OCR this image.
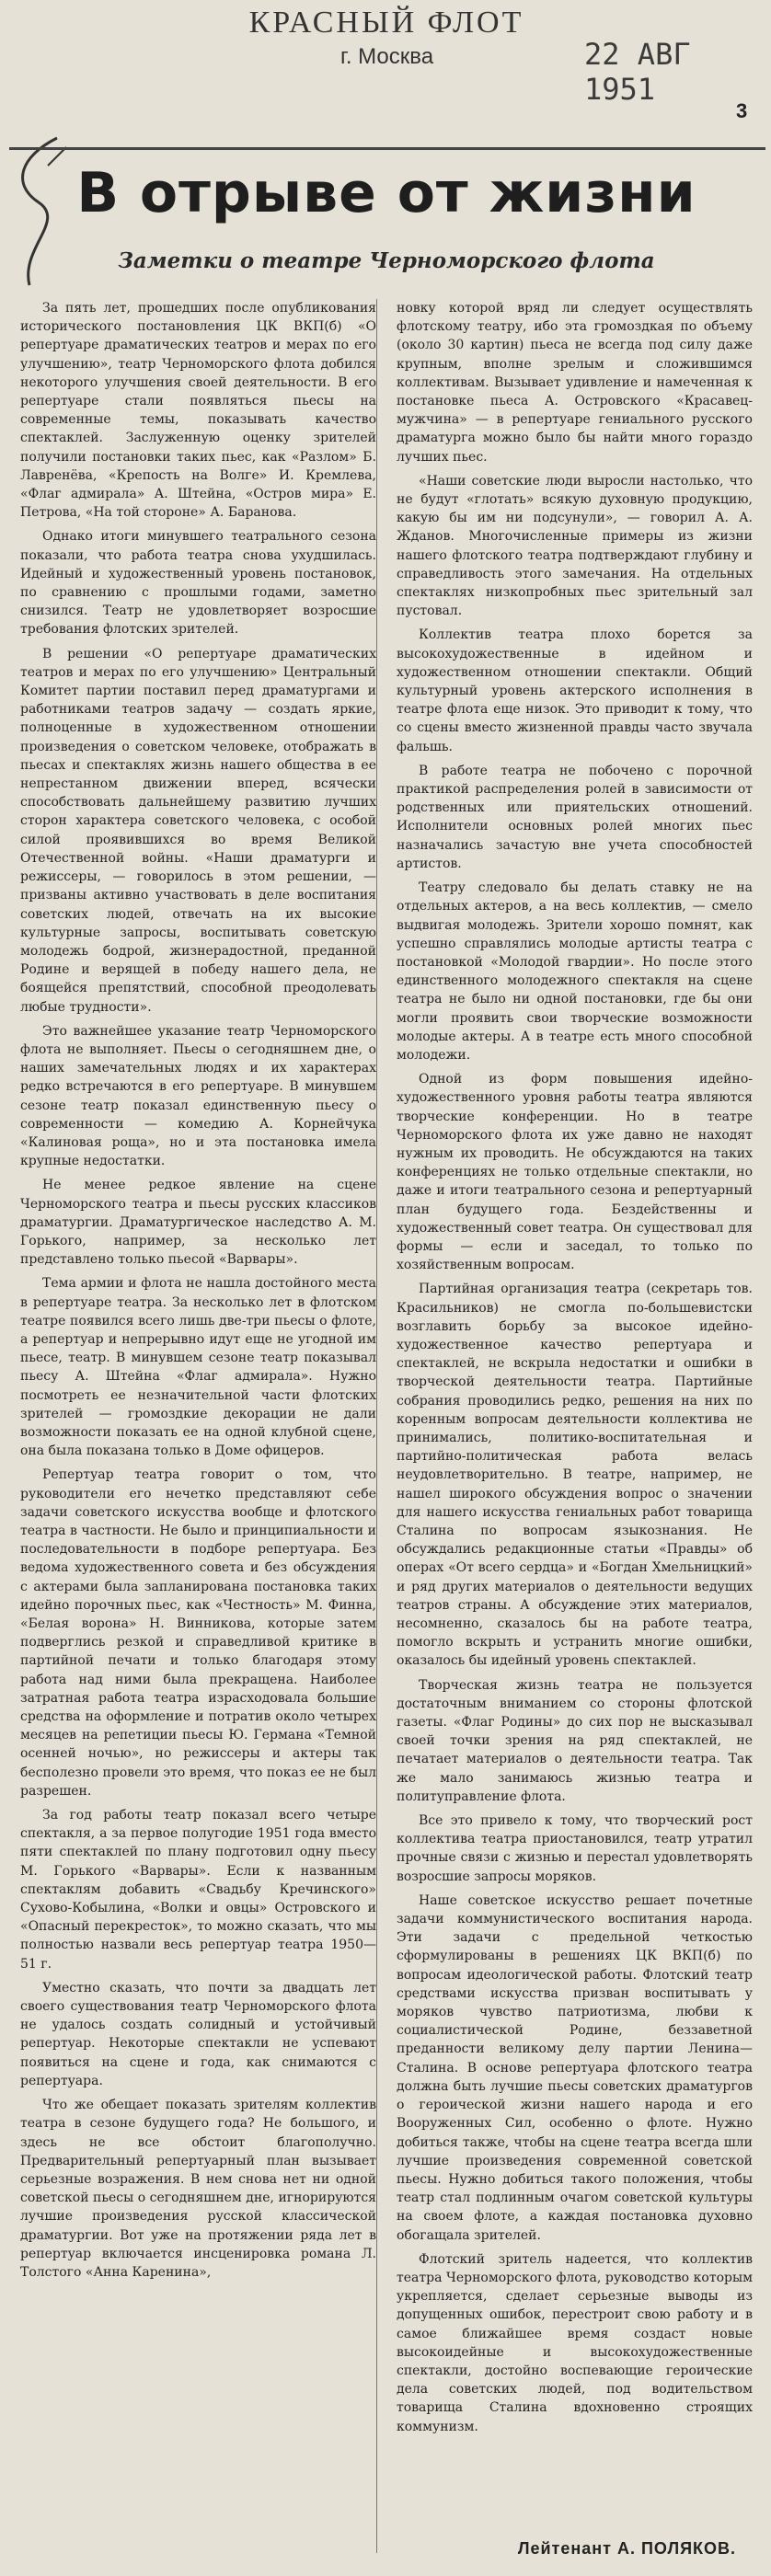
КРАСНЫЙ ФЛОТ
г. Москва	22 АВГ 1951
3
В отрыве от жизни
Заметки о театре Черноморского флота

За пять лет, прошедших после опубликования исторического постановления ЦК ВКП(б) «О репертуаре драматических театров и мерах по его улучшению», театр Черноморского флота добился некоторого улучшения своей деятельности. В его репертуаре стали появляться пьесы на современные темы, показывать качество спектаклей. Заслуженную оценку зрителей получили постановки таких пьес, как «Разлом» Б. Лавренёва, «Крепость на Волге» И. Кремлева, «Флаг адмирала» А. Штейна, «Остров мира» Е. Петрова, «На той стороне» А. Баранова.

Однако итоги минувшего театрального сезона показали, что работа театра снова ухудшилась. Идейный и художественный уровень постановок, по сравнению с прошлыми годами, заметно снизился. Театр не удовлетворяет возросшие требования флотских зрителей.

В решении «О репертуаре драматических театров и мерах по его улучшению» Центральный Комитет партии поставил перед драматургами и работниками театров задачу — создать яркие, полноценные в художественном отношении произведения о советском человеке, отображать в пьесах и спектаклях жизнь нашего общества в ее непрестанном движении вперед, всячески способствовать дальнейшему развитию лучших сторон характера советского человека, с особой силой проявившихся во время Великой Отечественной войны. «Наши драматурги и режиссеры, — говорилось в этом решении, — призваны активно участвовать в деле воспитания советских людей, отвечать на их высокие культурные запросы, воспитывать советскую молодежь бодрой, жизнерадостной, преданной Родине и верящей в победу нашего дела, не боящейся препятствий, способной преодолевать любые трудности».

Это важнейшее указание театр Черноморского флота не выполняет. Пьесы о сегодняшнем дне, о наших замечательных людях и их характерах редко встречаются в его репертуаре. В минувшем сезоне театр показал единственную пьесу о современности — комедию А. Корнейчука «Калиновая роща», но и эта постановка имела крупные недостатки.

Не менее редкое явление на сцене Черноморского театра и пьесы русских классиков драматургии. Драматургическое наследство А. М. Горького, например, за несколько лет представлено только пьесой «Варвары».

Тема армии и флота не нашла достойного места в репертуаре театра. За несколько лет в флотском театре появился всего лишь две-три пьесы о флоте, а репертуар и непрерывно идут еще не угодной им пьесе, театр. В минувшем сезоне театр показывал пьесу А. Штейна «Флаг адмирала». Нужно посмотреть ее незначительной части флотских зрителей — громоздкие декорации не дали возможности показать ее на одной клубной сцене, она была показана только в Доме офицеров.

Репертуар театра говорит о том, что руководители его нечетко представляют себе задачи советского искусства вообще и флотского театра в частности. Не было и принципиальности и последовательности в подборе репертуара. Без ведома художественного совета и без обсуждения с актерами была запланирована постановка таких идейно порочных пьес, как «Честность» М. Финна, «Белая ворона» Н. Винникова, которые затем подверглись резкой и справедливой критике в партийной печати и только благодаря этому работа над ними была прекращена. Наиболее затратная работа театра израсходовала большие средства на оформление и потратив около четырех месяцев на репетиции пьесы Ю. Германа «Темной осенней ночью», но режиссеры и актеры так бесполезно провели это время, что показ ее не был разрешен.

За год работы театр показал всего четыре спектакля, а за первое полугодие 1951 года вместо пяти спектаклей по плану подготовил одну пьесу М. Горького «Варвары». Если к названным спектаклям добавить «Свадьбу Кречинского» Сухово-Кобылина, «Волки и овцы» Островского и «Опасный перекресток», то можно сказать, что мы полностью назвали весь репертуар театра 1950—51 г.

Уместно сказать, что почти за двадцать лет своего существования театр Черноморского флота не удалось создать солидный и устойчивый репертуар. Некоторые спектакли не успевают появиться на сцене и года, как снимаются с репертуара.

Что же обещает показать зрителям коллектив театра в сезоне будущего года? Не большого, и здесь не все обстоит благополучно. Предварительный репертуарный план вызывает серьезные возражения. В нем снова нет ни одной советской пьесы о сегодняшнем дне, игнорируются лучшие произведения русской классической драматургии. Вот уже на протяжении ряда лет в репертуар включается инсценировка романа Л. Толстого «Анна Каренина»,

новку которой вряд ли следует осуществлять флотскому театру, ибо эта громоздкая по объему (около 30 картин) пьеса не всегда под силу даже крупным, вполне зрелым и сложившимся коллективам. Вызывает удивление и намеченная к постановке пьеса А. Островского «Красавец-мужчина» — в репертуаре гениального русского драматурга можно было бы найти много гораздо лучших пьес.

«Наши советские люди выросли настолько, что не будут «глотать» всякую духовную продукцию, какую бы им ни подсунули», — говорил А. А. Жданов. Многочисленные примеры из жизни нашего флотского театра подтверждают глубину и справедливость этого замечания. На отдельных спектаклях низкопробных пьес зрительный зал пустовал.

Коллектив театра плохо борется за высокохудожественные в идейном и художественном отношении спектакли. Общий культурный уровень актерского исполнения в театре флота еще низок. Это приводит к тому, что со сцены вместо жизненной правды часто звучала фальшь.

В работе театра не побочено с порочной практикой распределения ролей в зависимости от родственных или приятельских отношений. Исполнители основных ролей многих пьес назначались зачастую вне учета способностей артистов.

Театру следовало бы делать ставку не на отдельных актеров, а на весь коллектив, — смело выдвигая молодежь. Зрители хорошо помнят, как успешно справлялись молодые артисты театра с постановкой «Молодой гвардии». Но после этого единственного молодежного спектакля на сцене театра не было ни одной постановки, где бы они могли проявить свои творческие возможности молодые актеры. А в театре есть много способной молодежи.

Одной из форм повышения идейно-художественного уровня работы театра являются творческие конференции. Но в театре Черноморского флота их уже давно не находят нужным их проводить. Не обсуждаются на таких конференциях не только отдельные спектакли, но даже и итоги театрального сезона и репертуарный план будущего года. Бездейственны и художественный совет театра. Он существовал для формы — если и заседал, то только по хозяйственным вопросам.

Партийная организация театра (секретарь тов. Красильников) не смогла по-большевистски возглавить борьбу за высокое идейно-художественное качество репертуара и спектаклей, не вскрыла недостатки и ошибки в творческой деятельности театра. Партийные собрания проводились редко, решения на них по коренным вопросам деятельности коллектива не принимались, политико-воспитательная и партийно-политическая работа велась неудовлетворительно. В театре, например, не нашел широкого обсуждения вопрос о значении для нашего искусства гениальных работ товарища Сталина по вопросам языкознания. Не обсуждались редакционные статьи «Правды» об операх «От всего сердца» и «Богдан Хмельницкий» и ряд других материалов о деятельности ведущих театров страны. А обсуждение этих материалов, несомненно, сказалось бы на работе театра, помогло вскрыть и устранить многие ошибки, оказалось бы идейный уровень спектаклей.

Творческая жизнь театра не пользуется достаточным вниманием со стороны флотской газеты. «Флаг Родины» до сих пор не высказывал своей точки зрения на ряд спектаклей, не печатает материалов о деятельности театра. Так же мало занимаюсь жизнью театра и политуправление флота.

Все это привело к тому, что творческий рост коллектива театра приостановился, театр утратил прочные связи с жизнью и перестал удовлетворять возросшие запросы моряков.

Наше советское искусство решает почетные задачи коммунистического воспитания народа. Эти задачи с предельной четкостью сформулированы в решениях ЦК ВКП(б) по вопросам идеологической работы. Флотский театр средствами искусства призван воспитывать у моряков чувство патриотизма, любви к социалистической Родине, беззаветной преданности великому делу партии Ленина—Сталина. В основе репертуара флотского театра должна быть лучшие пьесы советских драматургов о героической жизни нашего народа и его Вооруженных Сил, особенно о флоте. Нужно добиться также, чтобы на сцене театра всегда шли лучшие произведения современной советской пьесы. Нужно добиться такого положения, чтобы театр стал подлинным очагом советской культуры на своем флоте, а каждая постановка духовно обогащала зрителей.

Флотский зритель надеется, что коллектив театра Черноморского флота, руководство которым укрепляется, сделает серьезные выводы из допущенных ошибок, перестроит свою работу и в самое ближайшее время создаст новые высокоидейные и высокохудожественные спектакли, достойно воспевающие героические дела советских людей, под водительством товарища Сталина вдохновенно строящих коммунизм.

Лейтенант А. ПОЛЯКОВ.
